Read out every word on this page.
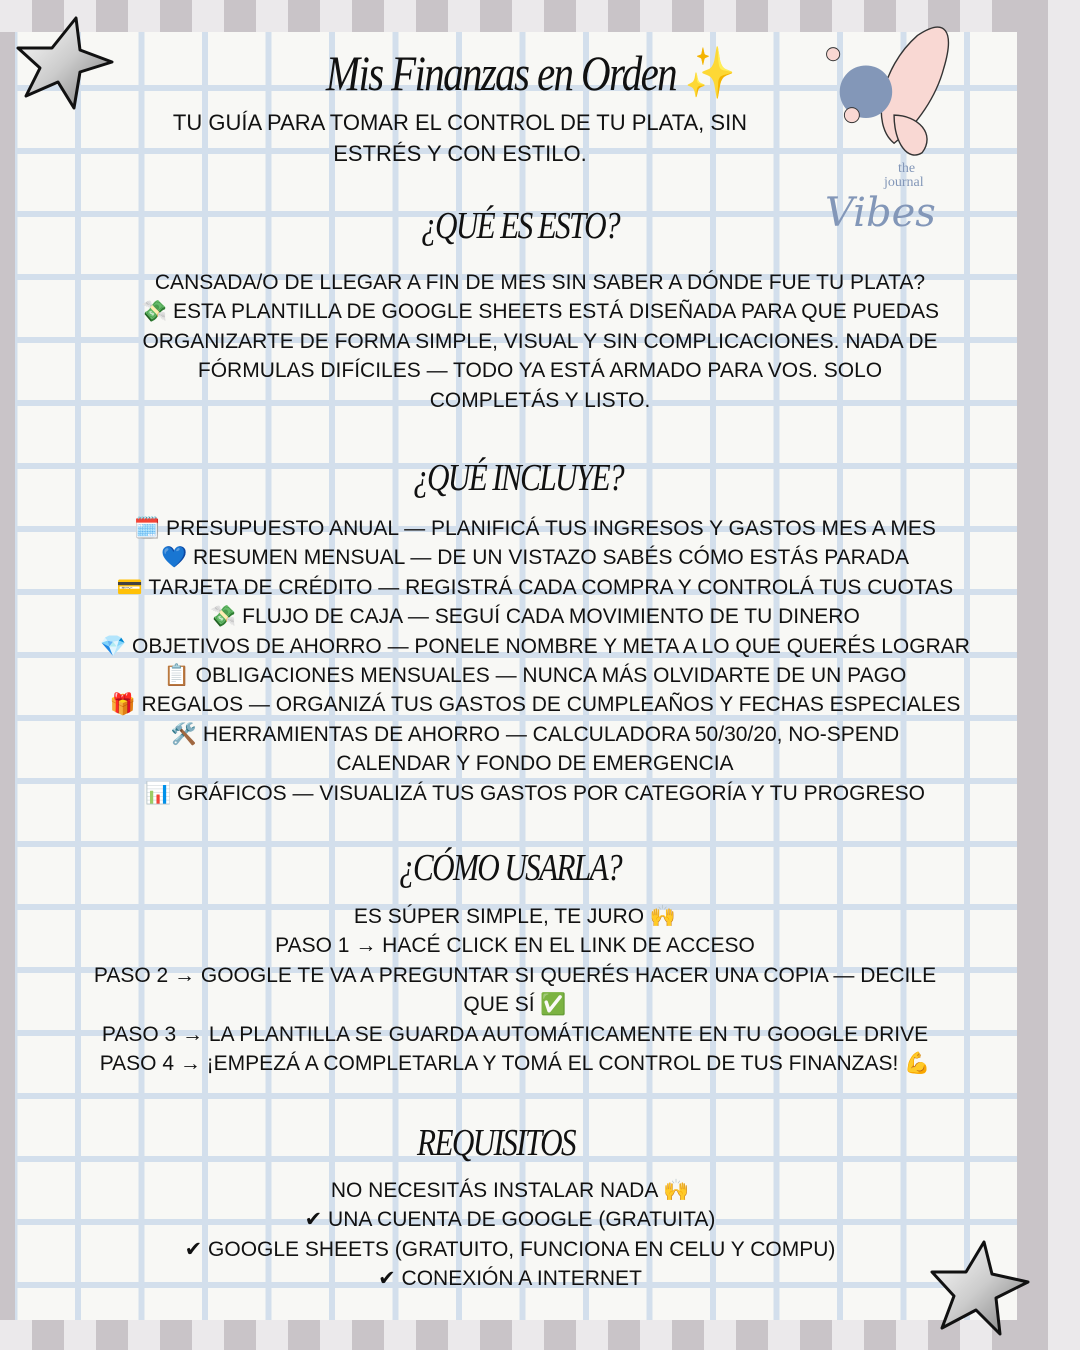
the
journal
Vibes
Mis Finanzas en Orden ✨
TU GUÍA PARA TOMAR EL CONTROL DE TU PLATA, SIN ESTRÉS Y CON ESTILO.
¿QUÉ ES ESTO?
CANSADA/O DE LLEGAR A FIN DE MES SIN SABER A DÓNDE FUE TU PLATA? 💸 ESTA PLANTILLA DE GOOGLE SHEETS ESTÁ DISEÑADA PARA QUE PUEDAS ORGANIZARTE DE FORMA SIMPLE, VISUAL Y SIN COMPLICACIONES. NADA DE FÓRMULAS DIFÍCILES — TODO YA ESTÁ ARMADO PARA VOS. SOLO COMPLETÁS Y LISTO.
¿QUÉ INCLUYE?
🗓️ PRESUPUESTO ANUAL — PLANIFICÁ TUS INGRESOS Y GASTOS MES A MES
💙 RESUMEN MENSUAL — DE UN VISTAZO SABÉS CÓMO ESTÁS PARADA
💳 TARJETA DE CRÉDITO — REGISTRÁ CADA COMPRA Y CONTROLÁ TUS CUOTAS
💸 FLUJO DE CAJA — SEGUÍ CADA MOVIMIENTO DE TU DINERO
💎 OBJETIVOS DE AHORRO — PONELE NOMBRE Y META A LO QUE QUERÉS LOGRAR
📋 OBLIGACIONES MENSUALES — NUNCA MÁS OLVIDARTE DE UN PAGO
🎁 REGALOS — ORGANIZÁ TUS GASTOS DE CUMPLEAÑOS Y FECHAS ESPECIALES
🛠️ HERRAMIENTAS DE AHORRO — CALCULADORA 50/30/20, NO-SPEND CALENDAR Y FONDO DE EMERGENCIA
📊 GRÁFICOS — VISUALIZÁ TUS GASTOS POR CATEGORÍA Y TU PROGRESO
¿CÓMO USARLA?
ES SÚPER SIMPLE, TE JURO 🙌
PASO 1 → HACÉ CLICK EN EL LINK DE ACCESO
PASO 2 → GOOGLE TE VA A PREGUNTAR SI QUERÉS HACER UNA COPIA — DECILE QUE SÍ ✅
PASO 3 → LA PLANTILLA SE GUARDA AUTOMÁTICAMENTE EN TU GOOGLE DRIVE
PASO 4 → ¡EMPEZÁ A COMPLETARLA Y TOMÁ EL CONTROL DE TUS FINANZAS! 💪
REQUISITOS
NO NECESITÁS INSTALAR NADA 🙌
✔ UNA CUENTA DE GOOGLE (GRATUITA)
✔ GOOGLE SHEETS (GRATUITO, FUNCIONA EN CELU Y COMPU)
✔ CONEXIÓN A INTERNET
